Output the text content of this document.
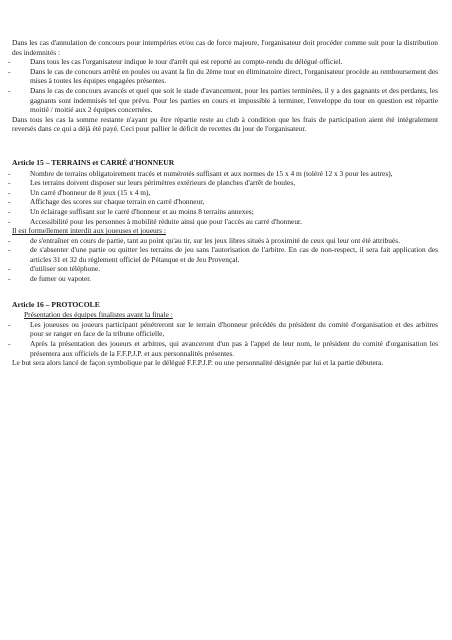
Dans les cas d'annulation de concours pour intempéries et/ou cas de force majeure, l'organisateur doit procéder comme suit pour la distribution des indemnités :

-	Dans tous les cas l'organisateur indique le tour d'arrêt qui est reporté au compte-rendu du délégué officiel.

-	Dans le cas de concours arrêté en poules ou avant la fin du 2ème tour en éliminatoire direct, l'organisateur procède au remboursement des mises à toutes les équipes engagées présentes.

-	Dans le cas de concours avancés et quel que soit le stade d'avancement, pour les parties terminées, il y a des gagnants et des perdants, les gagnants sont indemnisés tel que prévu. Pour les parties en cours et impossible à terminer, l'enveloppe du tour en question est répartie moitié / moitié aux 2 équipes concernées.

Dans tous les cas la somme restante n'ayant pu être répartie reste au club à condition que les frais de participation aient été intégralement reversés dans ce qui a déjà été payé. Ceci pour pallier le déficit de recettes du jour de l'organisateur.

Article 15 – TERRAINS et CARRÉ d'HONNEUR

-	Nombre de terrains obligatoirement tracés et numérotés suffisant et aux normes de 15 x 4 m (toléré 12 x 3 pour les autres),

-	Les terrains doivent disposer sur leurs périmètres extérieurs de planches d'arrêt de boules,

-	Un carré d'honneur de 8 jeux (15 x 4 m),

-	Affichage des scores sur chaque terrain en carré d'honneur,

-	Un éclairage suffisant sur le carré d'honneur et au moins 8 terrains annexes;

-	Accessibilité pour les personnes à mobilité réduite ainsi que pour l'accès au carré d'honneur.

Il est formellement interdit aux joueuses et joueurs :

-	de s'entraîner en cours de partie, tant au point qu'au tir, sur les jeux libres situés à proximité de ceux qui leur ont été attribués.

-	de s'absenter d'une partie ou quitter les terrains de jeu sans l'autorisation de l'arbitre. En cas de non-respect, il sera fait application des articles 31 et 32 du règlement officiel de Pétanque et de Jeu Provençal.

-	d'utiliser son téléphone.

-	de fumer ou vapoter.

Article 16 – PROTOCOLE

Présentation des équipes finalistes avant la finale :

-	Les joueuses ou joueurs participant pénétreront sur le terrain d'honneur précédés du président du comité d'organisation et des arbitres pour se ranger en face de la tribune officielle,

-	Après la présentation des joueurs et arbitres, qui avanceront d'un pas à l'appel de leur nom, le président du comité d'organisation les présentera aux officiels de la F.F.P.J.P. et aux personnalités présentes.

Le but sera alors lancé de façon symbolique par le délégué F.F.P.J.P. ou une personnalité désignée par lui et la partie débutera.
